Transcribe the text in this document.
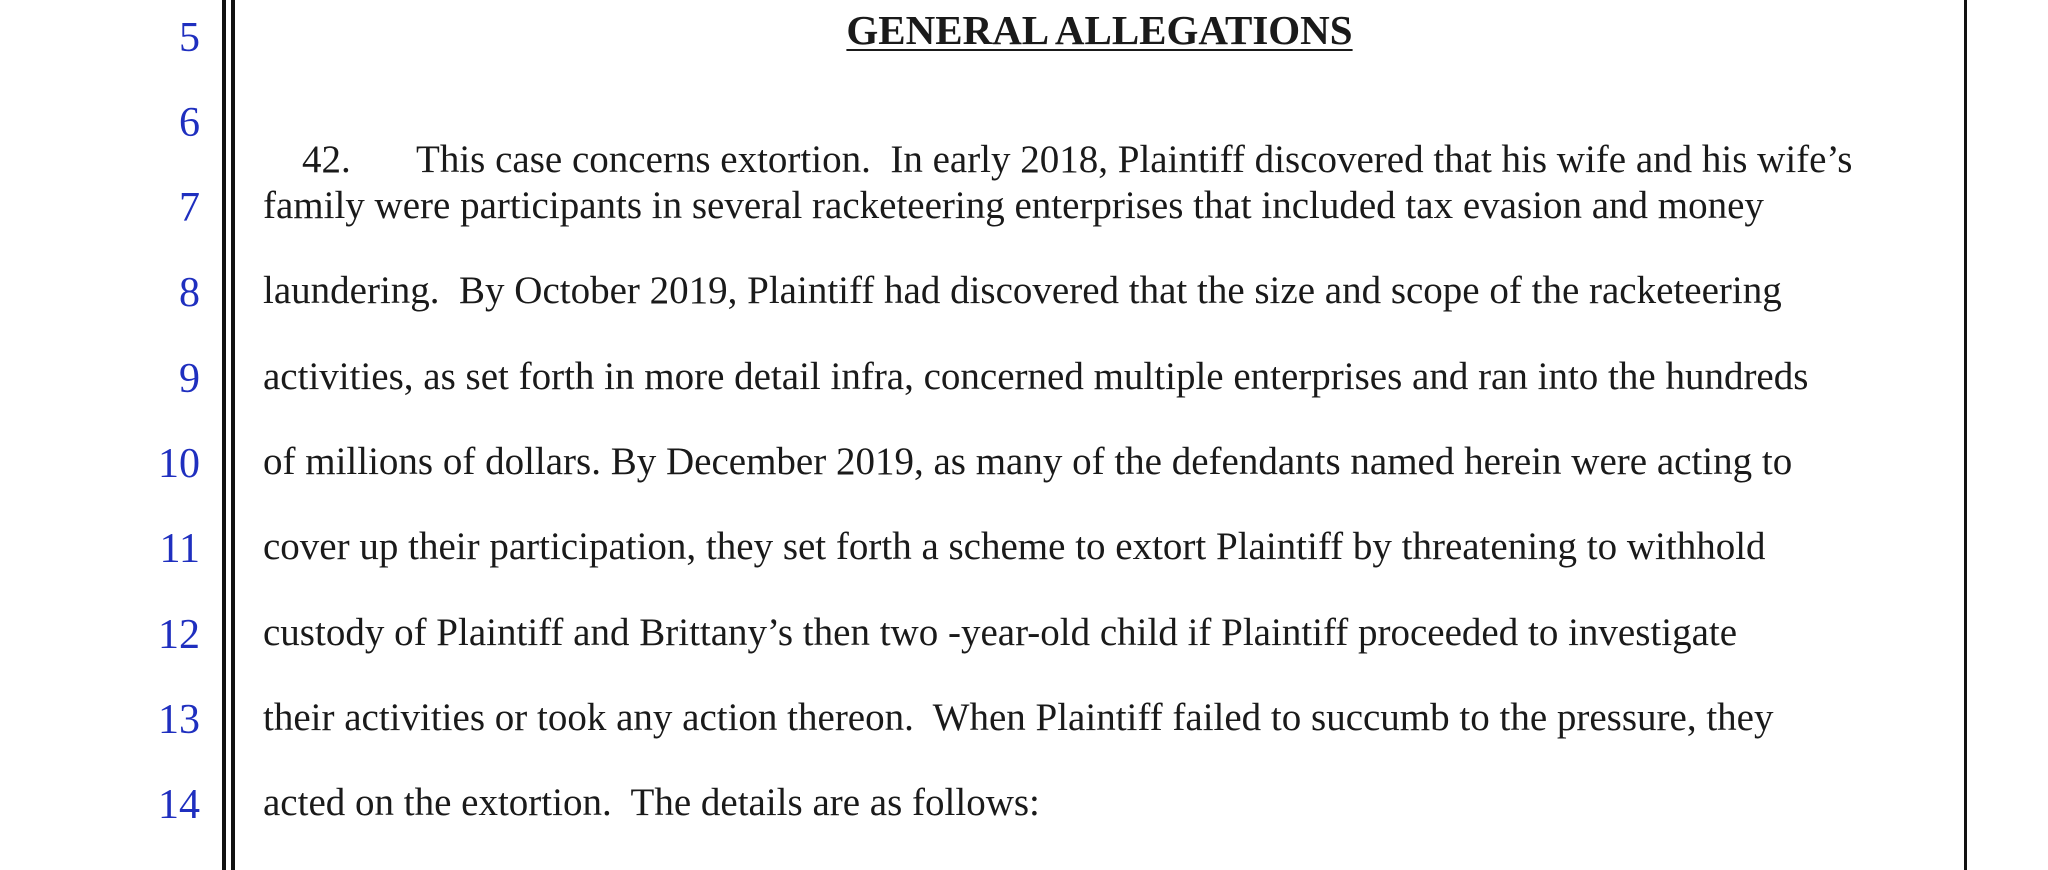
5
6
7
8
9
10
11
12
13
14
GENERAL ALLEGATIONS

42. This case concerns extortion.  In early 2018, Plaintiff discovered that his wife and his wife’s

family were participants in several racketeering enterprises that included tax evasion and money
laundering.  By October 2019, Plaintiff had discovered that the size and scope of the racketeering
activities, as set forth in more detail infra, concerned multiple enterprises and ran into the hundreds
of millions of dollars. By December 2019, as many of the defendants named herein were acting to
cover up their participation, they set forth a scheme to extort Plaintiff by threatening to withhold
custody of Plaintiff and Brittany’s then two -year-old child if Plaintiff proceeded to investigate
their activities or took any action thereon.  When Plaintiff failed to succumb to the pressure, they
acted on the extortion.  The details are as follows:
